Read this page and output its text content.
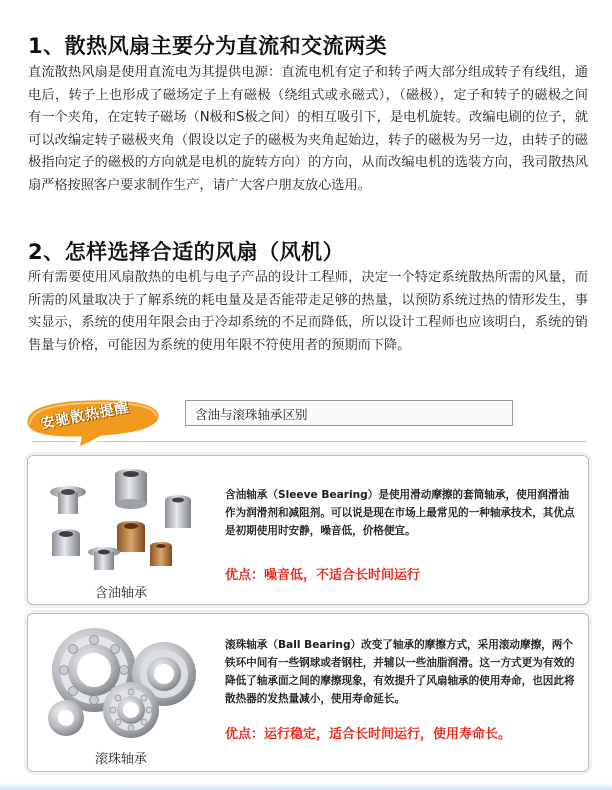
1、散热风扇主要分为直流和交流两类

直流散热风扇是使用直流电为其提供电源：直流电机有定子和转子两大部分组成转子有线组，通电后，转子上也形成了磁场定子上有磁极（绕组式或永磁式），（磁极），定子和转子的磁极之间有一个夹角，在定转子磁场（N极和S极之间）的相互吸引下，是电机旋转。改编电刷的位子，就可以改编定转子磁极夹角（假设以定子的磁极为夹角起始边，转子的磁极为另一边，由转子的磁极指向定子的磁极的方向就是电机的旋转方向）的方向，从而改编电机的选装方向，我司散热风扇严格按照客户要求制作生产，请广大客户朋友放心选用。

2、怎样选择合适的风扇（风机）

所有需要使用风扇散热的电机与电子产品的设计工程师，决定一个特定系统散热所需的风量，而所需的风量取决于了解系统的耗电量及是否能带走足够的热量，以预防系统过热的情形发生，事实显示，系统的使用年限会由于冷却系统的不足而降低，所以设计工程师也应该明白，系统的销售量与价格，可能因为系统的使用年限不符使用者的预期而下降。

安驰散热提醒	含油与滚珠轴承区别
含油轴承

含油轴承（Sleeve Bearing）是使用滑动摩擦的套筒轴承，使用润滑油作为润滑剂和减阻剂。可以说是现在市场上最常见的一种轴承技术，其优点是初期使用时安静，噪音低，价格便宜。

优点：噪音低，不适合长时间运行
滚珠轴承

滚珠轴承（Ball Bearing）改变了轴承的摩擦方式，采用滚动摩擦，两个铁环中间有一些钢球或者钢柱，并辅以一些油脂润滑。这一方式更为有效的降低了轴承面之间的摩擦现象，有效提升了风扇轴承的使用寿命，也因此将散热器的发热量减小，使用寿命延长。

优点：运行稳定，适合长时间运行，使用寿命长。
